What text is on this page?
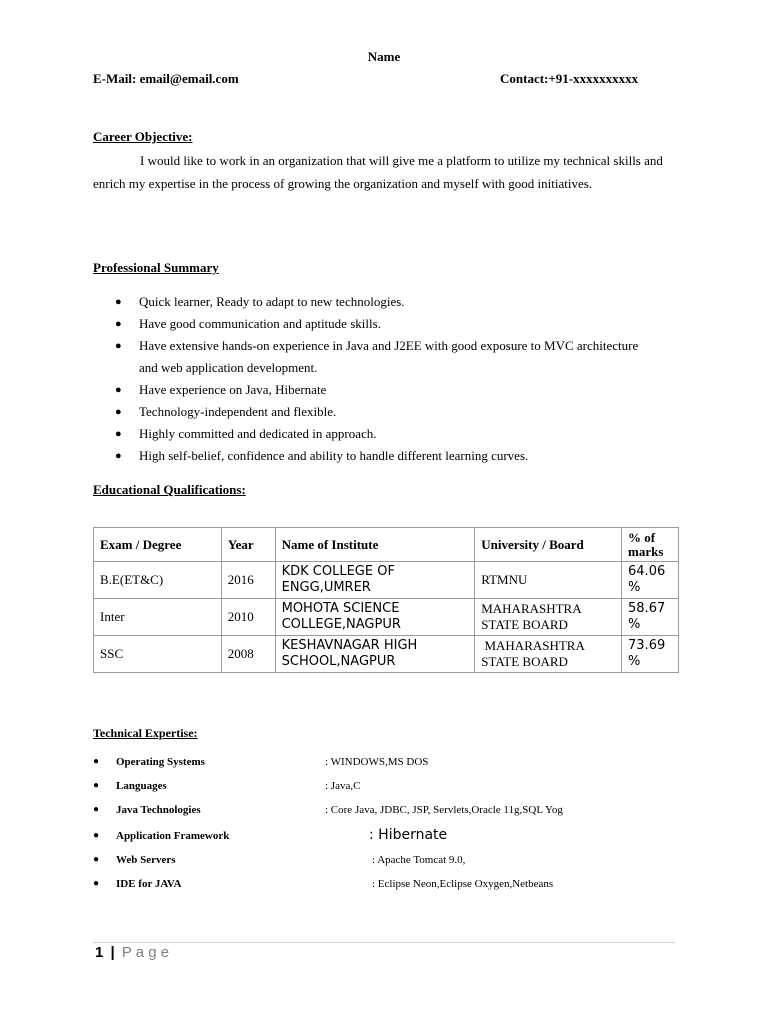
Name
E-Mail: email@email.com	Contact:+91-xxxxxxxxxx
Career Objective:
I would like to work in an organization that will give me a platform to utilize my technical skills and enrich my expertise in the process of growing the organization and myself with good initiatives.
Professional Summary
● Quick learner, Ready to adapt to new technologies.
● Have good communication and aptitude skills.
● Have extensive hands-on experience in Java and J2EE with good exposure to MVC architecture and web application development.
● Have experience on Java, Hibernate
● Technology-independent and flexible.
● Highly committed and dedicated in approach.
● High self-belief, confidence and ability to handle different learning curves.
Educational Qualifications:
Exam / Degree	Year	Name of Institute	University / Board	% of marks
B.E(ET&C)	2016	KDK COLLEGE OF ENGG,UMRER	RTMNU	64.06 %
Inter	2010	MOHOTA SCIENCE COLLEGE,NAGPUR	MAHARASHTRA STATE BOARD	58.67 %
SSC	2008	KESHAVNAGAR HIGH SCHOOL,NAGPUR	MAHARASHTRA STATE BOARD	73.69 %
Technical Expertise:
● Operating Systems	: WINDOWS,MS DOS
● Languages	: Java,C
● Java Technologies	: Core Java, JDBC, JSP, Servlets,Oracle 11g,SQL Yog
● Application Framework	: Hibernate
● Web Servers	: Apache Tomcat 9.0,
● IDE for JAVA	: Eclipse Neon,Eclipse Oxygen,Netbeans
1 | P a g e
